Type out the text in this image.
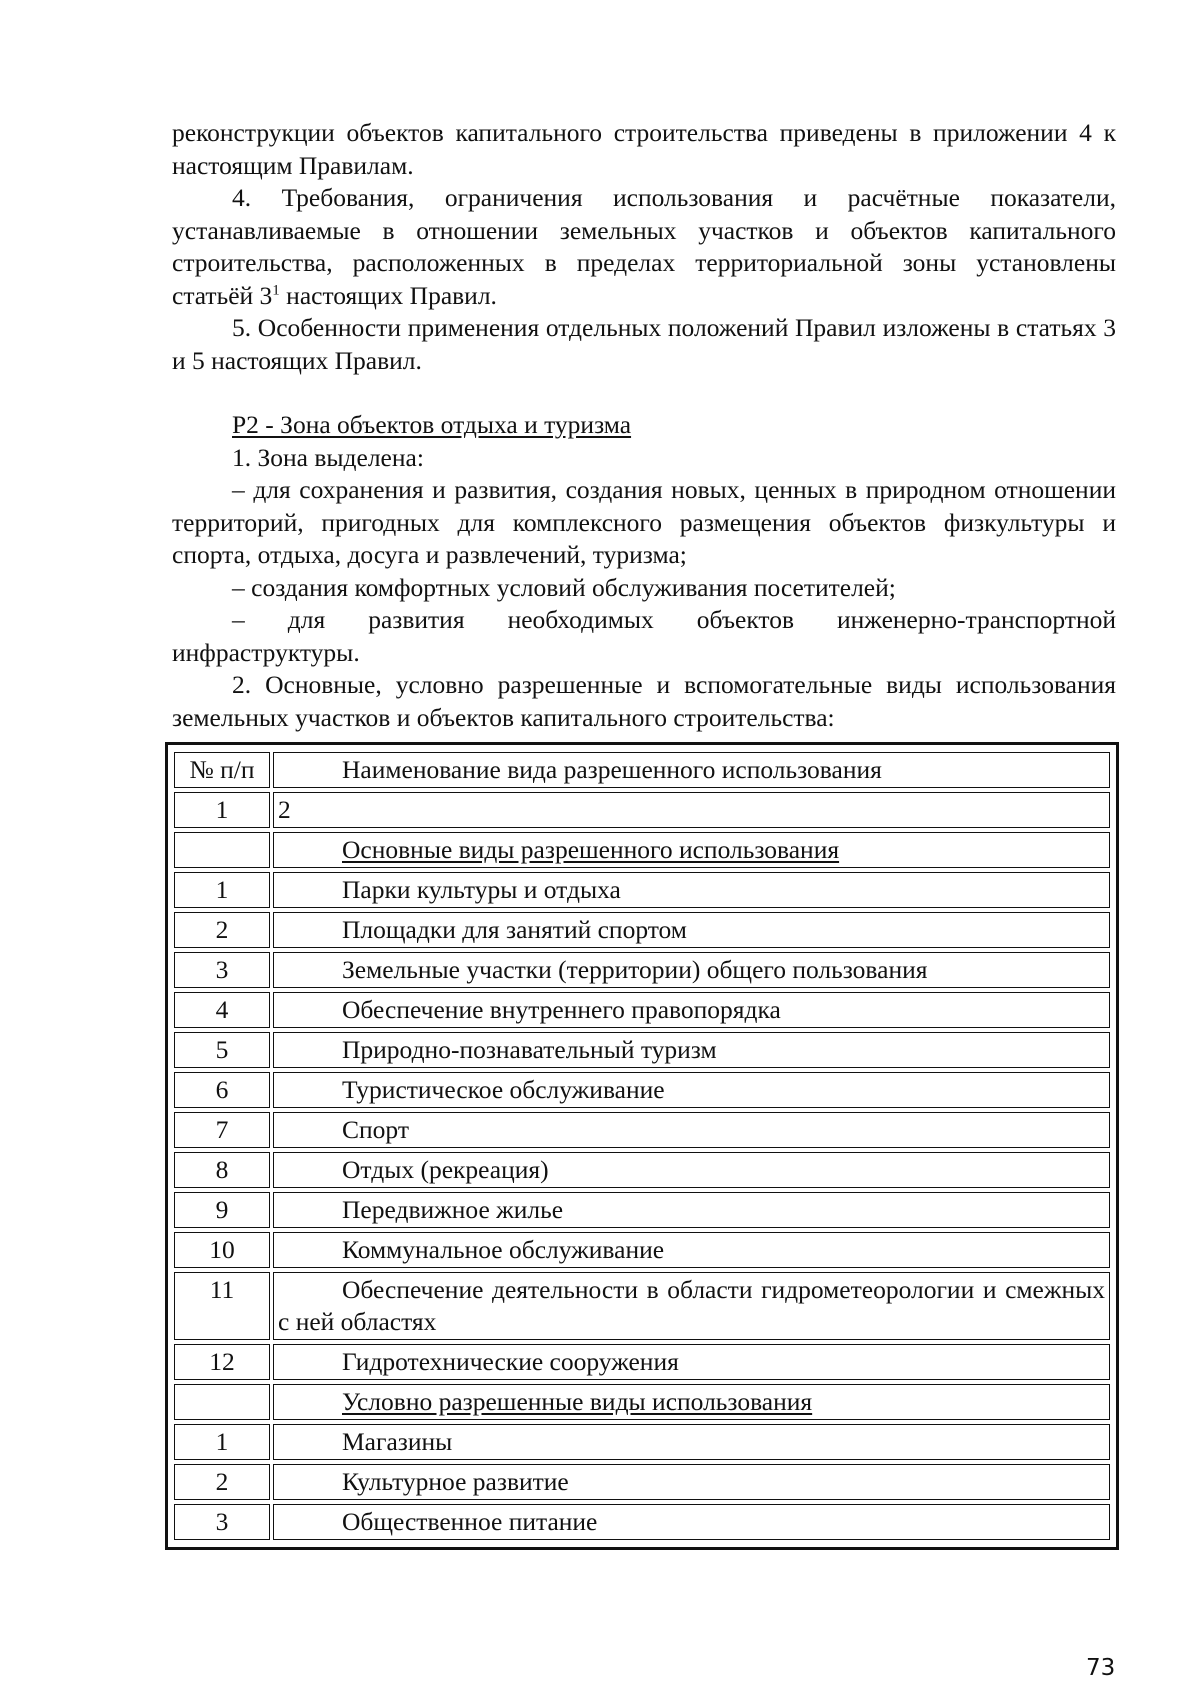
реконструкции объектов капитального строительства приведены в приложении 4 к настоящим Правилам.

4. Требования, ограничения использования и расчётные показатели, устанавливаемые в отношении земельных участков и объектов капитального строительства, расположенных в пределах территориальной зоны установлены статьёй $3^1$ настоящих Правил.

5. Особенности применения отдельных положений Правил изложены в статьях 3 и 5 настоящих Правил.

Р2 - Зона объектов отдыха и туризма

1. Зона выделена:

– для сохранения и развития, создания новых, ценных в природном отношении территорий, пригодных для комплексного размещения объектов физкультуры и спорта, отдыха, досуга и развлечений, туризма;

– создания комфортных условий обслуживания посетителей;

– для развития необходимых объектов инженерно-транспортной инфраструктуры.

2. Основные, условно разрешенные и вспомогательные виды использования земельных участков и объектов капитального строительства:

№ п/п	Наименование вида разрешенного использования
1	2
	Основные виды разрешенного использования
1	Парки культуры и отдыха
2	Площадки для занятий спортом
3	Земельные участки (территории) общего пользования
4	Обеспечение внутреннего правопорядка
5	Природно-познавательный туризм
6	Туристическое обслуживание
7	Спорт
8	Отдых (рекреация)
9	Передвижное жилье
10	Коммунальное обслуживание
11	Обеспечение деятельности в области гидрометеорологии и смежных с ней областях
12	Гидротехнические сооружения
	Условно разрешенные виды использования
1	Магазины
2	Культурное развитие
3	Общественное питание
73
